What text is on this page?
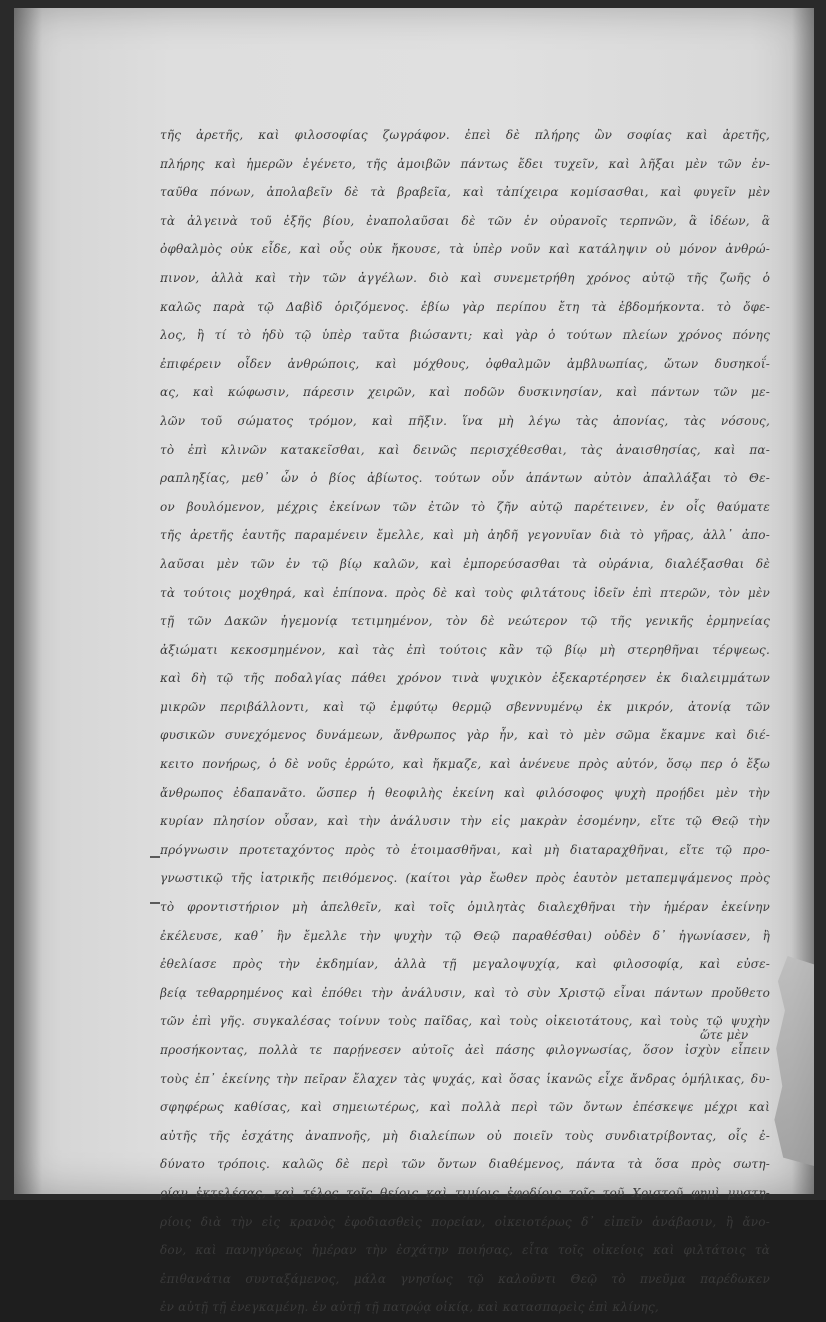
τῆς ἀρετῆς, καὶ φιλοσοφίας ζωγράφον. ἐπεὶ δὲ πλήρης ὢν σοφίας καὶ ἀρετῆς,
πλήρης καὶ ἡμερῶν ἐγένετο, τῆς ἀμοιβῶν πάντως ἔδει τυχεῖν, καὶ λῆξαι μὲν τῶν ἐν-
ταῦθα πόνων, ἀπολαβεῖν δὲ τὰ βραβεῖα, καὶ τἀπίχειρα κομίσασθαι, καὶ φυγεῖν μὲν
τὰ ἀλγεινὰ τοῦ ἐξῆς βίου, ἐναπολαῦσαι δὲ τῶν ἐν οὐρανοῖς τερπνῶν, ἃ ἰδέων, ἃ
ὀφθαλμὸς οὐκ εἶδε, καὶ οὖς οὐκ ἤκουσε, τὰ ὑπὲρ νοῦν καὶ κατάληψιν οὐ μόνον ἀνθρώ-
πινον, ἀλλὰ καὶ τὴν τῶν ἀγγέλων. διὸ καὶ συνεμετρήθη χρόνος αὐτῷ τῆς ζωῆς ὁ
καλῶς παρὰ τῷ Δαβὶδ ὁριζόμενος. ἐβίω γὰρ περίπου ἔτη τὰ ἑβδομήκοντα. τὸ ὄφε-
λος, ἢ τί τὸ ἡδὺ τῷ ὑπὲρ ταῦτα βιώσαντι; καὶ γὰρ ὁ τούτων πλείων χρόνος πόνης
ἐπιφέρειν οἶδεν ἀνθρώποις, καὶ μόχθους, ὀφθαλμῶν ἀμβλυωπίας, ὤτων δυσηκοΐ-
ας, καὶ κώφωσιν, πάρεσιν χειρῶν, καὶ ποδῶν δυσκινησίαν, καὶ πάντων τῶν με-
λῶν τοῦ σώματος τρόμον, καὶ πῆξιν. ἵνα μὴ λέγω τὰς ἀπονίας, τὰς νόσους,
τὸ ἐπὶ κλινῶν κατακεῖσθαι, καὶ δεινῶς περισχέθεσθαι, τὰς ἀναισθησίας, καὶ πα-
ραπληξίας, μεθ᾽ ὧν ὁ βίος ἀβίωτος. τούτων οὖν ἁπάντων αὐτὸν ἀπαλλάξαι τὸ Θε-
ον βουλόμενον, μέχρις ἐκείνων τῶν ἐτῶν τὸ ζῆν αὐτῷ παρέτεινεν, ἐν οἷς θαύματε
τῆς ἀρετῆς ἑαυτῆς παραμένειν ἔμελλε, καὶ μὴ ἀηδῆ γεγονυῖαν διὰ τὸ γῆρας, ἀλλ᾽ ἀπο-
λαῦσαι μὲν τῶν ἐν τῷ βίῳ καλῶν, καὶ ἐμπορεύσασθαι τὰ οὐράνια, διαλέξασθαι δὲ
τὰ τούτοις μοχθηρά, καὶ ἐπίπονα. πρὸς δὲ καὶ τοὺς φιλτάτους ἰδεῖν ἐπὶ πτερῶν, τὸν μὲν
τῇ τῶν Δακῶν ἡγεμονίᾳ τετιμημένον, τὸν δὲ νεώτερον τῷ τῆς γενικῆς ἑρμηνείας
ἀξιώματι κεκοσμημένον, καὶ τὰς ἐπὶ τούτοις κἂν τῷ βίῳ μὴ στερηθῆναι τέρψεως.
καὶ δὴ τῷ τῆς ποδαλγίας πάθει χρόνον τινὰ ψυχικὸν ἐξεκαρτέρησεν ἐκ διαλειμμάτων
μικρῶν περιβάλλοντι, καὶ τῷ ἐμφύτῳ θερμῷ σβεννυμένῳ ἐκ μικρόν, ἀτονίᾳ τῶν
φυσικῶν συνεχόμενος δυνάμεων, ἄνθρωπος γὰρ ἦν, καὶ τὸ μὲν σῶμα ἔκαμνε καὶ διέ-
κειτο πονήρως, ὁ δὲ νοῦς ἐρρώτο, καὶ ἤκμαζε, καὶ ἀνένευε πρὸς αὐτόν, ὅσῳ περ ὁ ἔξω
ἄνθρωπος ἐδαπανᾶτο. ὥσπερ ἡ θεοφιλὴς ἐκείνη καὶ φιλόσοφος ψυχὴ προῄδει μὲν τὴν
κυρίαν πλησίον οὖσαν, καὶ τὴν ἀνάλυσιν τὴν εἰς μακρὰν ἐσομένην, εἴτε τῷ Θεῷ τὴν
πρόγνωσιν προτεταχόντος πρὸς τὸ ἑτοιμασθῆναι, καὶ μὴ διαταραχθῆναι, εἴτε τῷ προ-
γνωστικῷ τῆς ἰατρικῆς πειθόμενος. (καίτοι γὰρ ἔωθεν πρὸς ἑαυτὸν μεταπεμψάμενος πρὸς
τὸ φροντιστήριον μὴ ἀπελθεῖν, καὶ τοῖς ὁμιλητὰς διαλεχθῆναι τὴν ἡμέραν ἐκείνην
ἐκέλευσε, καθ᾽ ἣν ἔμελλε τὴν ψυχὴν τῷ Θεῷ παραθέσθαι) οὐδὲν δ᾽ ἠγωνίασεν, ἢ
ἐθελίασε πρὸς τὴν ἐκδημίαν, ἀλλὰ τῇ μεγαλοψυχίᾳ, καὶ φιλοσοφίᾳ, καὶ εὐσε-
βείᾳ τεθαρρημένος καὶ ἐπόθει τὴν ἀνάλυσιν, καὶ τὸ σὺν Χριστῷ εἶναι πάντων προὔθετο
τῶν ἐπὶ γῆς. συγκαλέσας τοίνυν τοὺς παῖδας, καὶ τοὺς οἰκειοτάτους, καὶ τοὺς τῷ ψυχὴν
προσήκοντας, πολλὰ τε παρῄνεσεν αὐτοῖς ἀεὶ πάσης φιλογνωσίας, ὅσον ἰσχὺν εἶπειν
τοὺς ἐπ᾽ ἐκείνης τὴν πεῖραν ἔλαχεν τὰς ψυχάς, καὶ ὅσας ἱκανῶς εἶχε ἄνδρας ὁμήλικας, δυ-
σφηφέρως καθίσας, καὶ σημειωτέρως, καὶ πολλὰ περὶ τῶν ὄντων ἐπέσκεψε μέχρι καὶ
αὐτῆς τῆς ἐσχάτης ἀναπνοῆς, μὴ διαλείπων οὐ ποιεῖν τοὺς συνδιατρίβοντας, οἷς ἐ-
δύνατο τρόποις. καλῶς δὲ περὶ τῶν ὄντων διαθέμενος, πάντα τὰ ὅσα πρὸς σωτη-
ρίαν ἐκτελέσας, καὶ τέλος τοῖς θείοις καὶ τιμίοις ἐφοδίοις τοῖς τοῦ Χριστοῦ φημὶ μυστη-
ρίοις διὰ τὴν εἰς κρανὸς ἐφοδιασθεὶς πορείαν, οἰκειοτέρως δ᾽ εἰπεῖν ἀνάβασιν, ἢ ἄνο-
δον, καὶ πανηγύρεως ἡμέραν τὴν ἐσχάτην ποιήσας, εἶτα τοῖς οἰκείοις καὶ φιλτάτοις τὰ
ἐπιθανάτια συνταξάμενος, μάλα γνησίως τῷ καλοῦντι Θεῷ τὸ πνεῦμα παρέδωκεν
ἐν αὐτῇ τῇ ἐνεγκαμένῃ. ἐν αὐτῇ τῇ πατρῴᾳ οἰκίᾳ, καὶ κατασπαρεὶς ἐπὶ κλίνης,
ὥτε μὲν
